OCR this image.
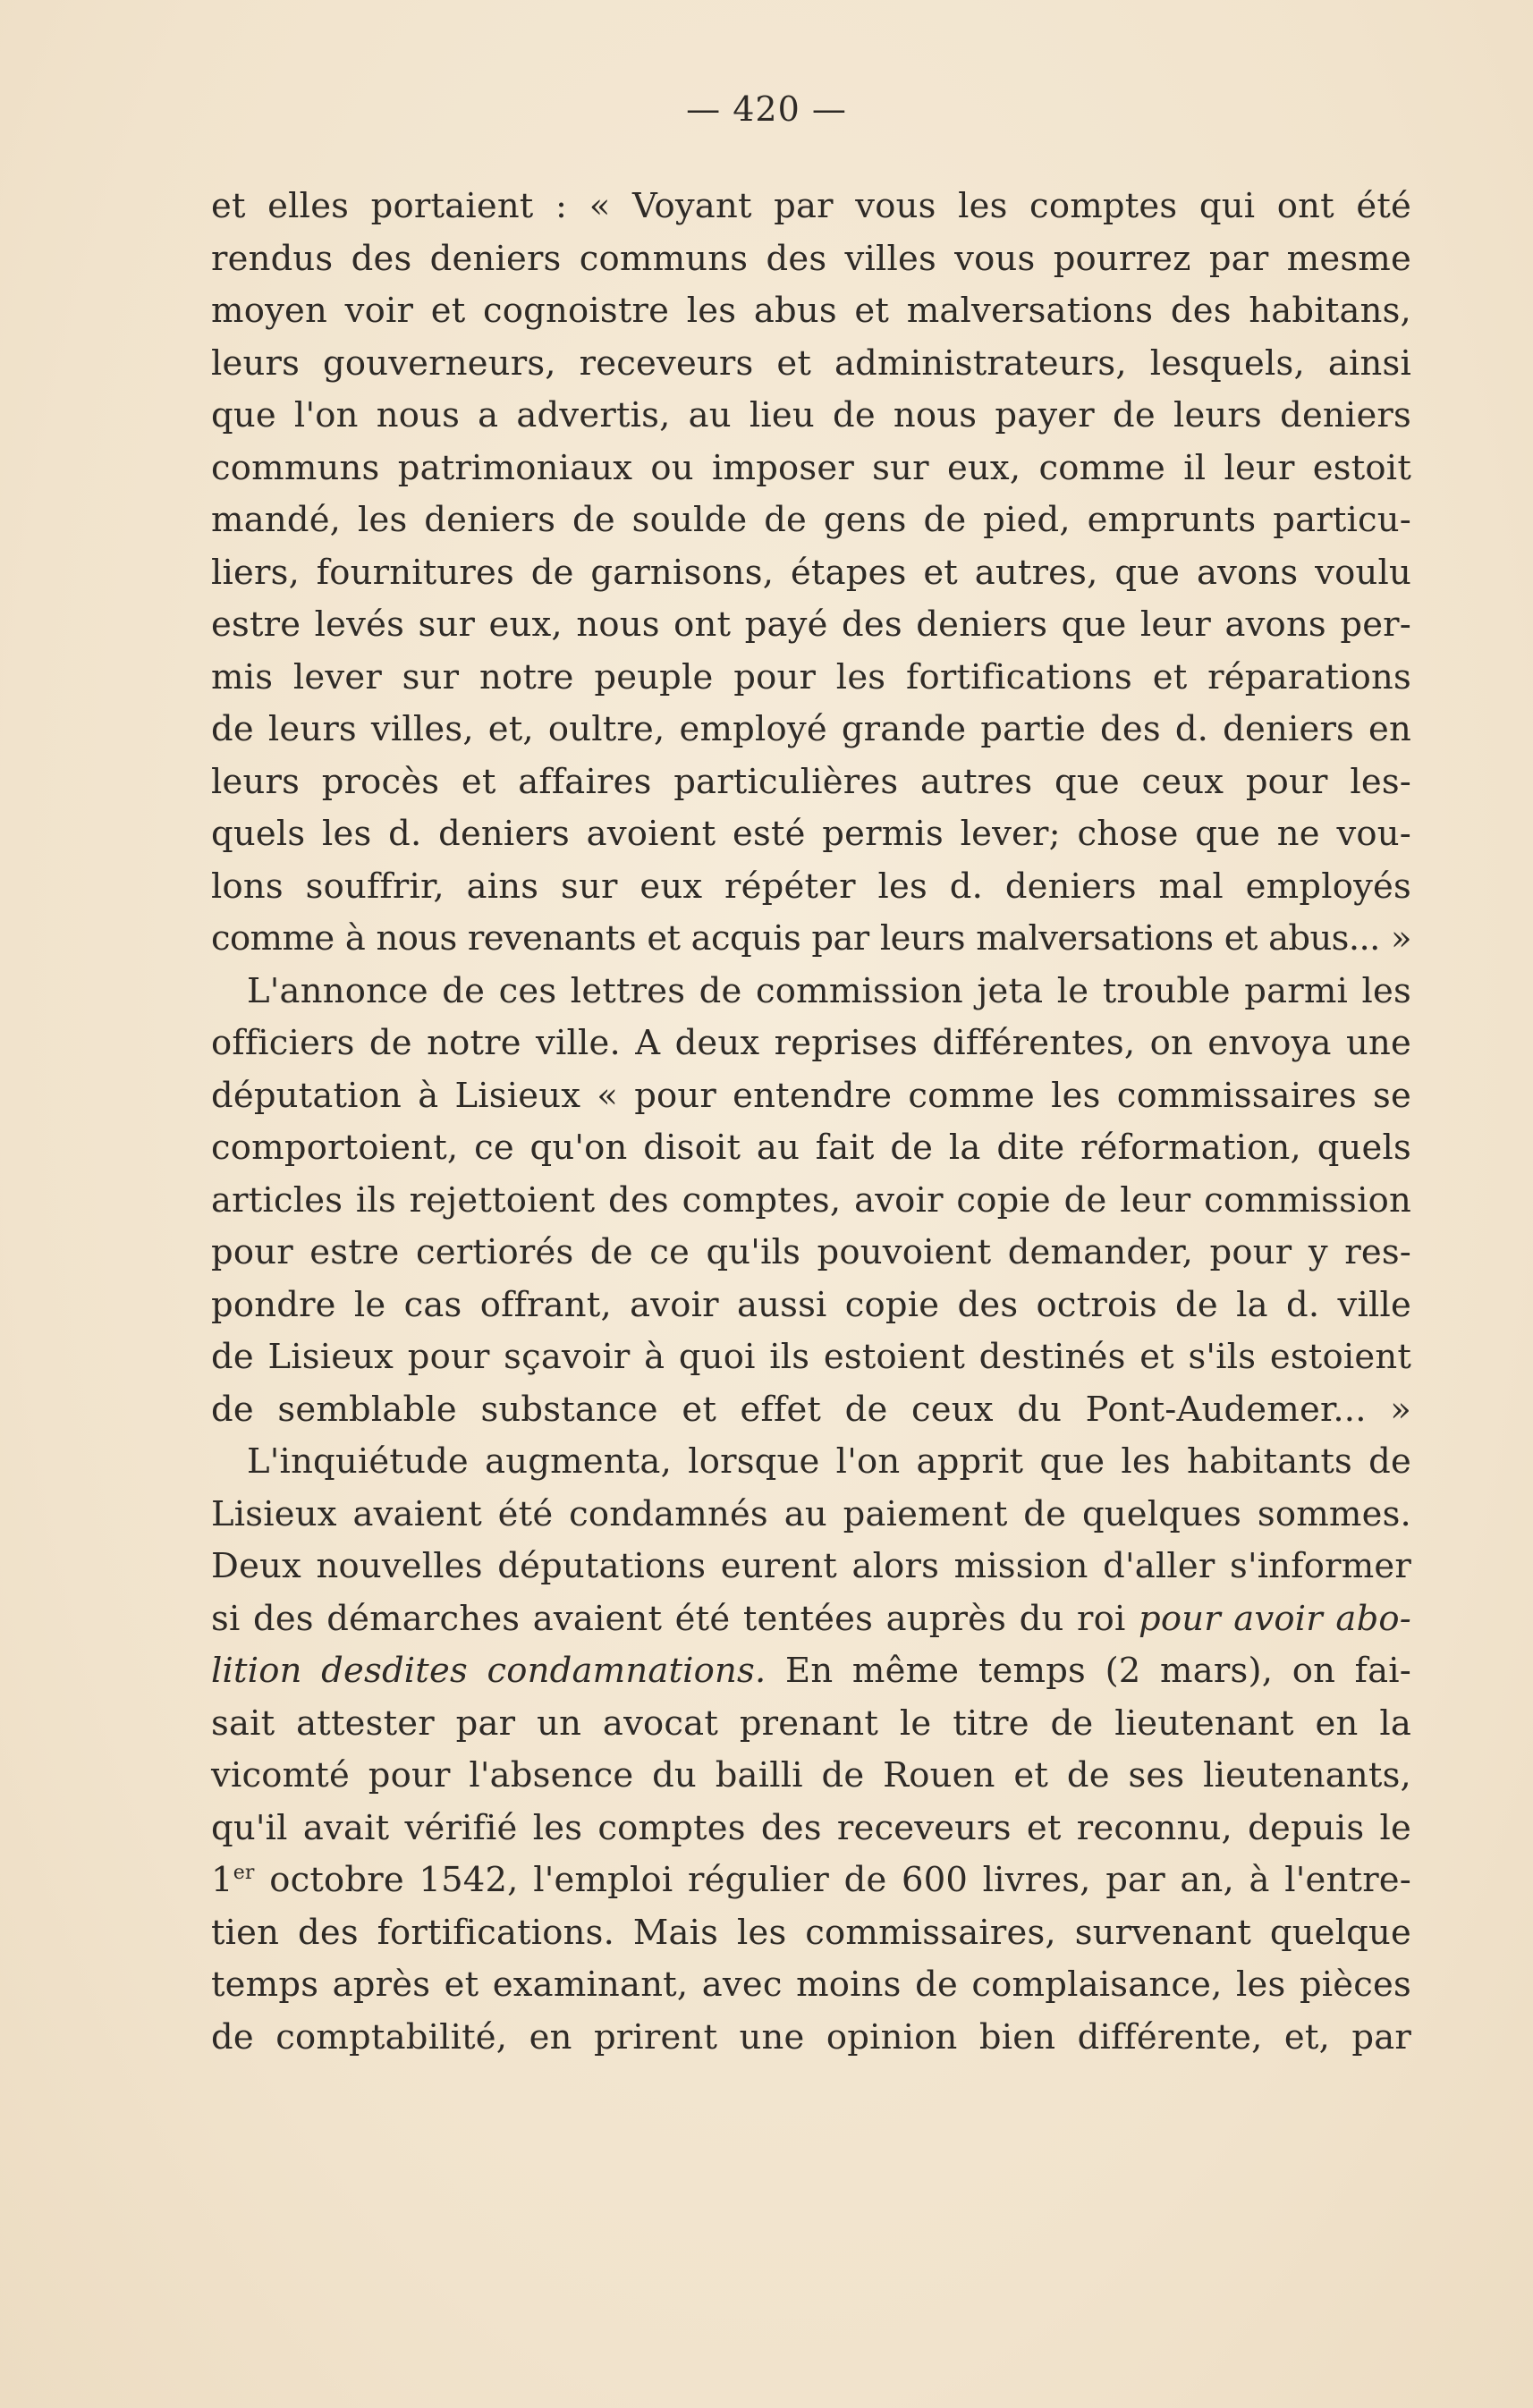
— 420 —
et elles portaient : « Voyant par vous les comptes qui ont été
rendus des deniers communs des villes vous pourrez par mesme
moyen voir et cognoistre les abus et malversations des habitans,
leurs gouverneurs, receveurs et administrateurs, lesquels, ainsi
que l'on nous a advertis, au lieu de nous payer de leurs deniers
communs patrimoniaux ou imposer sur eux, comme il leur estoit
mandé, les deniers de soulde de gens de pied, emprunts particu-
liers, fournitures de garnisons, étapes et autres, que avons voulu
estre levés sur eux, nous ont payé des deniers que leur avons per-
mis lever sur notre peuple pour les fortifications et réparations
de leurs villes, et, oultre, employé grande partie des d. deniers en
leurs procès et affaires particulières autres que ceux pour les-
quels les d. deniers avoient esté permis lever; chose que ne vou-
lons souffrir, ains sur eux répéter les d. deniers mal employés
comme à nous revenants et acquis par leurs malversations et abus... »
L'annonce de ces lettres de commission jeta le trouble parmi les
officiers de notre ville. A deux reprises différentes, on envoya une
députation à Lisieux « pour entendre comme les commissaires se
comportoient, ce qu'on disoit au fait de la dite réformation, quels
articles ils rejettoient des comptes, avoir copie de leur commission
pour estre certiorés de ce qu'ils pouvoient demander, pour y res-
pondre le cas offrant, avoir aussi copie des octrois de la d. ville
de Lisieux pour sçavoir à quoi ils estoient destinés et s'ils estoient
de semblable substance et effet de ceux du Pont-Audemer... »
L'inquiétude augmenta, lorsque l'on apprit que les habitants de
Lisieux avaient été condamnés au paiement de quelques sommes.
Deux nouvelles députations eurent alors mission d'aller s'informer
si des démarches avaient été tentées auprès du roi pour avoir abo-
lition desdites condamnations. En même temps (2 mars), on fai-
sait attester par un avocat prenant le titre de lieutenant en la
vicomté pour l'absence du bailli de Rouen et de ses lieutenants,
qu'il avait vérifié les comptes des receveurs et reconnu, depuis le
1er octobre 1542, l'emploi régulier de 600 livres, par an, à l'entre-
tien des fortifications. Mais les commissaires, survenant quelque
temps après et examinant, avec moins de complaisance, les pièces
de comptabilité, en prirent une opinion bien différente, et, par
